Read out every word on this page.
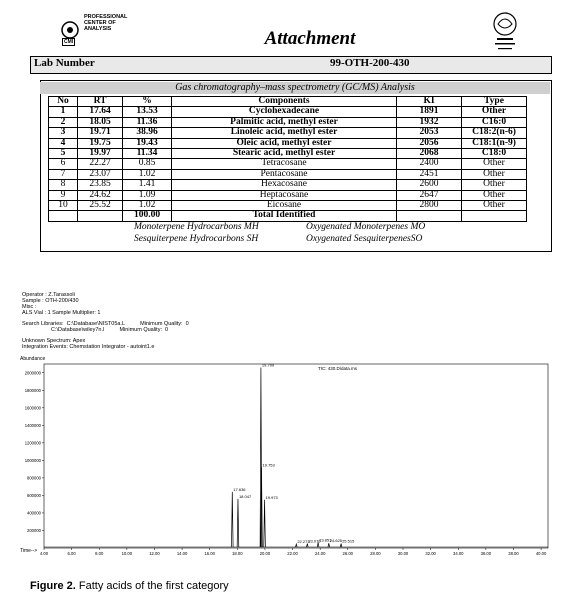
PROFESSIONAL
CENTER OF
ANALYSIS
CMI	Attachment
Lab Number	99-OTH-200-430
Gas chromatography–mass spectrometry (GC/MS) Analysis
No	RT	%	Components	KI	Type
1	17.64	13.53	Cyclohexadecane	1891	Other
2	18.05	11.36	Palmitic acid, methyl ester	1932	C16:0
3	19.71	38.96	Linoleic acid, methyl ester	2053	C18:2(n-6)
4	19.75	19.43	Oleic acid, methyl ester	2056	C18:1(n-9)
5	19.97	11.34	Stearic acid, methyl ester	2068	C18:0
6	22.27	0.85	Tetracosane	2400	Other
7	23.07	1.02	Pentacosane	2451	Other
8	23.85	1.41	Hexacosane	2600	Other
9	24.62	1.09	Heptacosane	2647	Other
10	25.52	1.02	Eicosane	2800	Other
		100.00	Total Identified		
Monoterpene Hydrocarbons MH	Oxygenated Monoterpenes MO
Sesquiterpene Hydrocarbons SH	Oxygenated SesquiterpenesSO
Operator : Z.Tarassoli
Sample : OTH-200/430
Misc :
ALS Vial : 1 Sample Multiplier: 1
Search Libraries:  C:\Database\NIST05a.L          Minimum Quality:  0
C:\Database\wiley7n.l          Minimum Quality:  0
Unknown Spectrum: Apex
Integration Events: Chemstation Integrator - autoint1.e
Abundance
Time-->
TIC: 430.D\data.ms
200000
400000
600000
800000
1000000
1200000
1400000
1600000
1800000
2000000
4.00	6.00	8.00	10.00	12.00	14.00	16.00	18.00	20.00	22.00	24.00	26.00	28.00	30.00	32.00	34.00	36.00	38.00	40.00
17.636
18.047
19.709
19.753
19.973
22.273
23.070
23.851
24.625 25.515
Figure 2. Fatty acids of the first category
